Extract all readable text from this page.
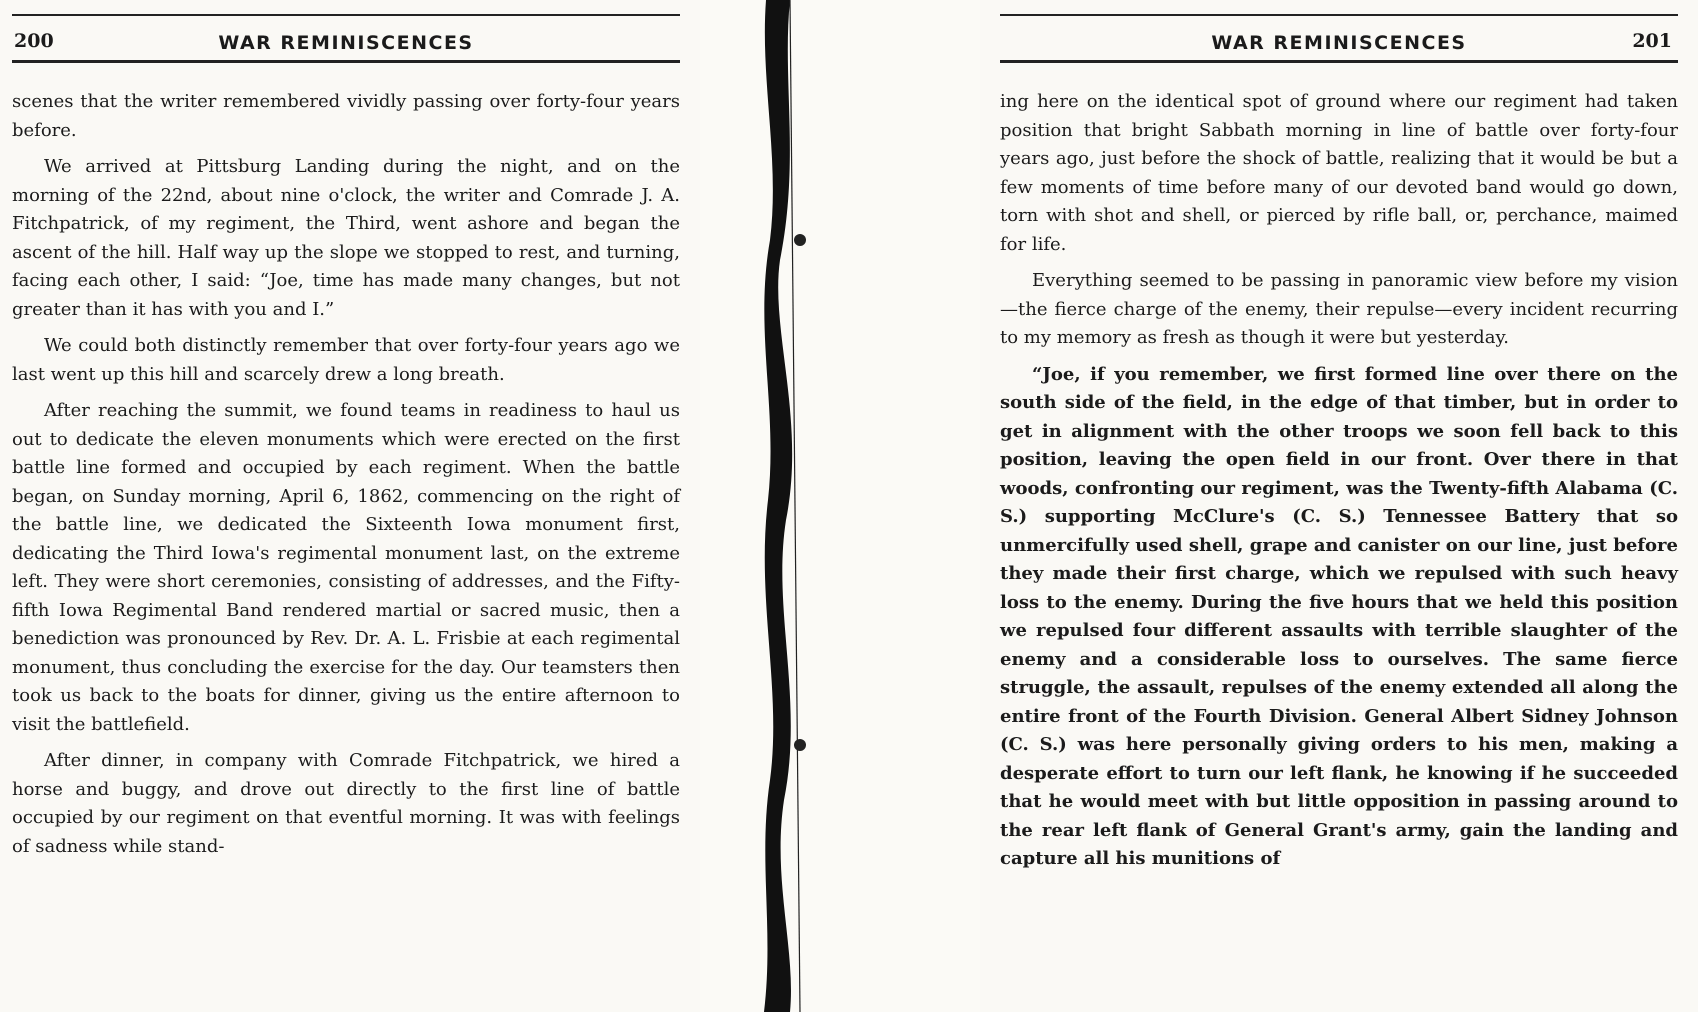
200	WAR REMINISCENCES

scenes that the writer remembered vividly passing over forty-four years before.

We arrived at Pittsburg Landing during the night, and on the morning of the 22nd, about nine o'clock, the writer and Comrade J. A. Fitchpatrick, of my regiment, the Third, went ashore and began the ascent of the hill. Half way up the slope we stopped to rest, and turning, facing each other, I said: “Joe, time has made many changes, but not greater than it has with you and I.”

We could both distinctly remember that over forty-four years ago we last went up this hill and scarcely drew a long breath.

After reaching the summit, we found teams in readiness to haul us out to dedicate the eleven monuments which were erected on the first battle line formed and occupied by each regiment. When the battle began, on Sunday morning, April 6, 1862, commencing on the right of the battle line, we dedicated the Sixteenth Iowa monument first, dedicating the Third Iowa's regimental monument last, on the extreme left. They were short ceremonies, consisting of addresses, and the Fifty-fifth Iowa Regimental Band rendered martial or sacred music, then a benediction was pronounced by Rev. Dr. A. L. Frisbie at each regimental monument, thus concluding the exercise for the day. Our teamsters then took us back to the boats for dinner, giving us the entire afternoon to visit the battlefield.

After dinner, in company with Comrade Fitchpatrick, we hired a horse and buggy, and drove out directly to the first line of battle occupied by our regiment on that eventful morning. It was with feelings of sadness while stand-

WAR REMINISCENCES	201

ing here on the identical spot of ground where our regiment had taken position that bright Sabbath morning in line of battle over forty-four years ago, just before the shock of battle, realizing that it would be but a few moments of time before many of our devoted band would go down, torn with shot and shell, or pierced by rifle ball, or, perchance, maimed for life.

Everything seemed to be passing in panoramic view before my vision—the fierce charge of the enemy, their repulse—every incident recurring to my memory as fresh as though it were but yesterday.

“Joe, if you remember, we first formed line over there on the south side of the field, in the edge of that timber, but in order to get in alignment with the other troops we soon fell back to this position, leaving the open field in our front. Over there in that woods, confronting our regiment, was the Twenty-fifth Alabama (C. S.) supporting McClure's (C. S.) Tennessee Battery that so unmercifully used shell, grape and canister on our line, just before they made their first charge, which we repulsed with such heavy loss to the enemy. During the five hours that we held this position we repulsed four different assaults with terrible slaughter of the enemy and a considerable loss to ourselves. The same fierce struggle, the assault, repulses of the enemy extended all along the entire front of the Fourth Division. General Albert Sidney Johnson (C. S.) was here personally giving orders to his men, making a desperate effort to turn our left flank, he knowing if he succeeded that he would meet with but little opposition in passing around to the rear left flank of General Grant's army, gain the landing and capture all his munitions of
